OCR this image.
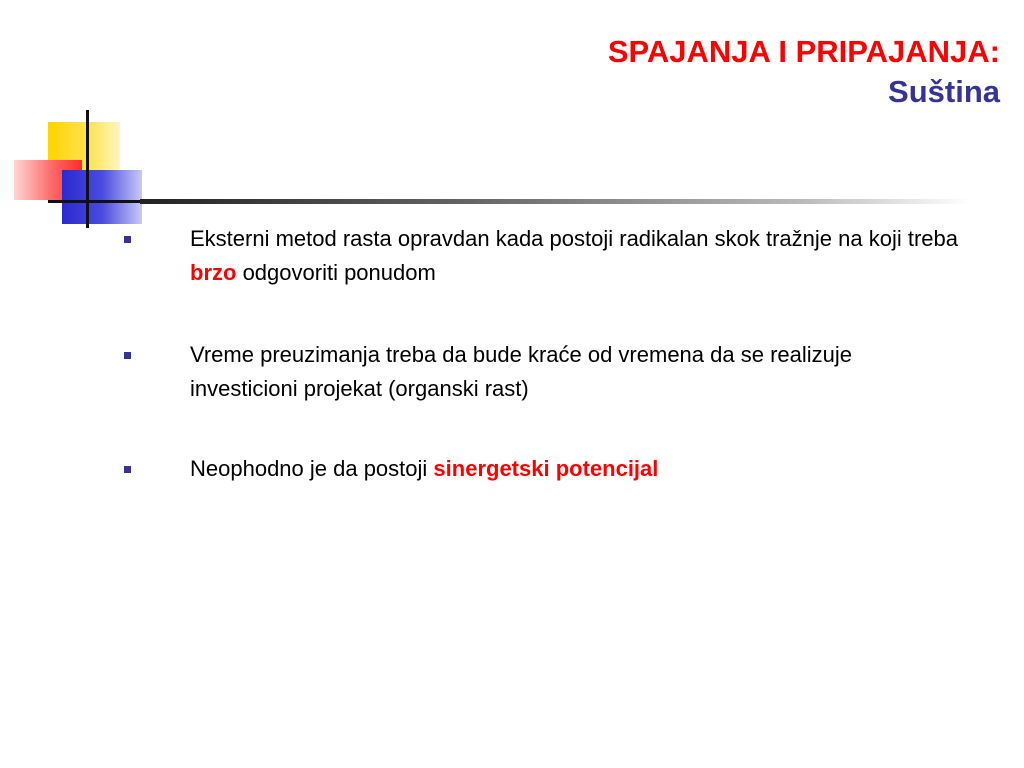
SPAJANJA I PRIPAJANJA:
Suština
Eksterni metod rasta opravdan kada postoji radikalan skok tražnje na koji treba brzo odgovoriti ponudom
Vreme preuzimanja treba da bude kraće od vremena da se realizuje investicioni projekat (organski rast)
Neophodno je da postoji sinergetski potencijal
